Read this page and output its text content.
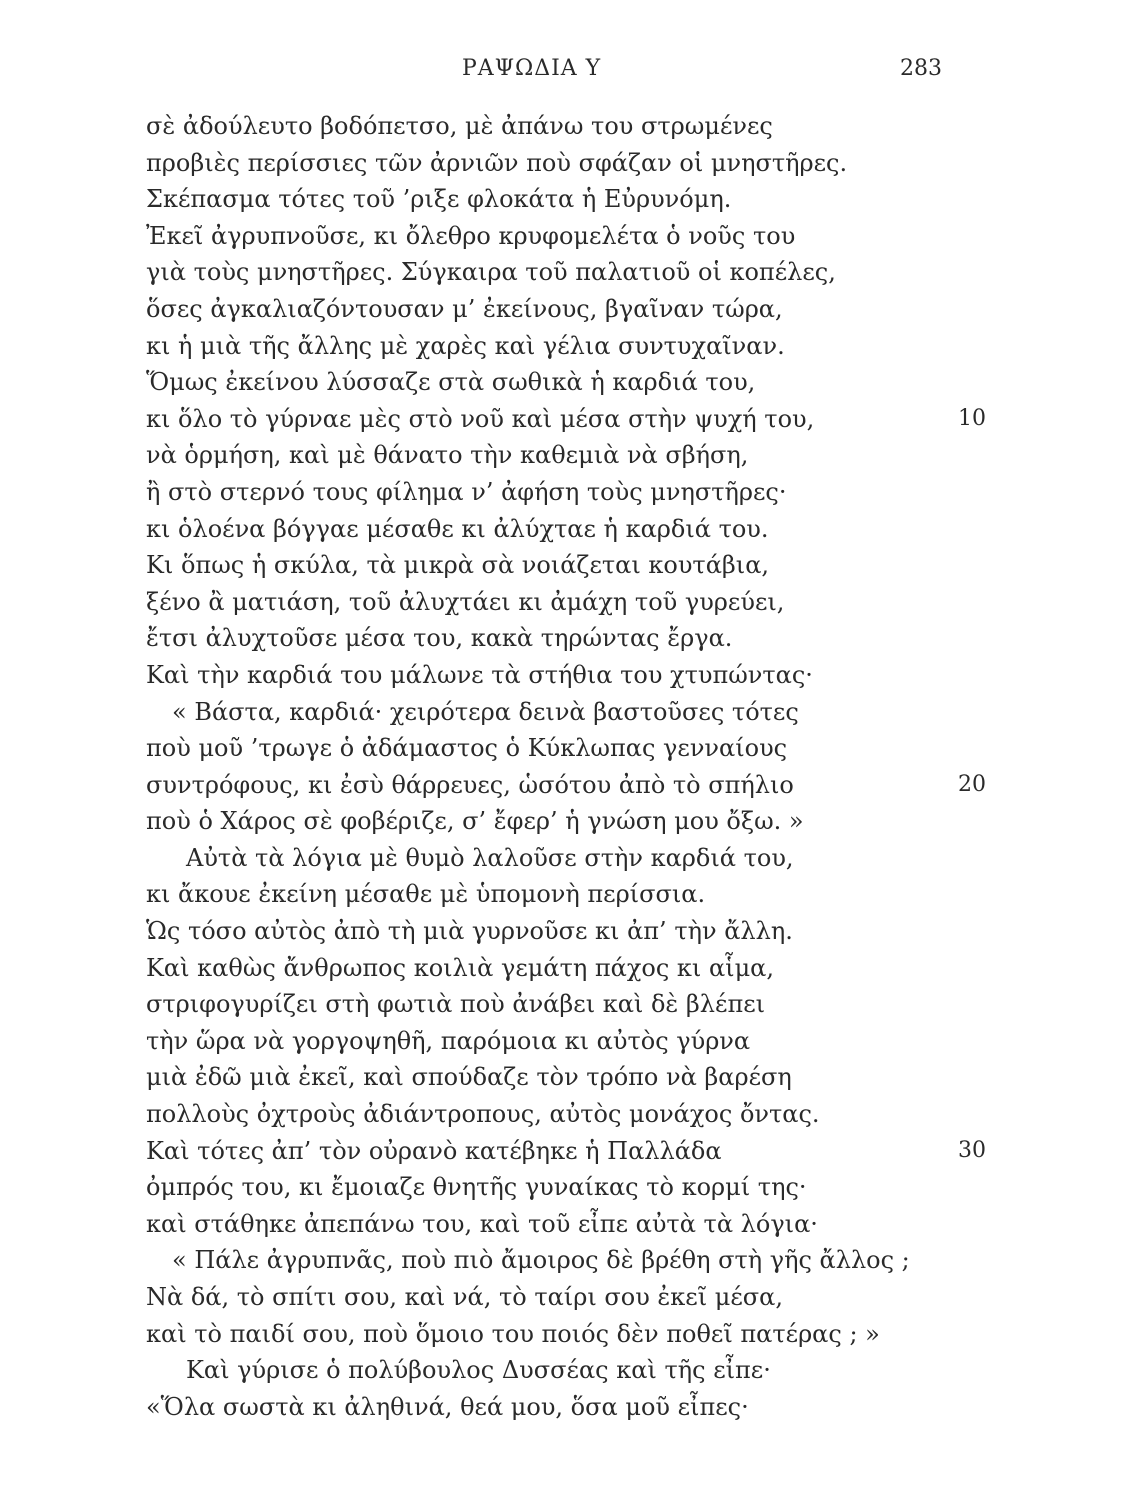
ΡΑΨΩΔΙΑ Υ	283
σὲ ἀδούλευτο βοδόπετσο, μὲ ἀπάνω του στρωμένες
προβιὲς περίσσιες τῶν ἀρνιῶν ποὺ σφάζαν οἱ μνηστῆρες.
Σκέπασμα τότες τοῦ ’ριξε φλοκάτα ἡ Εὐρυνόμη.
Ἐκεῖ ἀγρυπνοῦσε, κι ὄλεθρο κρυφομελέτα ὁ νοῦς του
γιὰ τοὺς μνηστῆρες. Σύγκαιρα τοῦ παλατιοῦ οἱ κοπέλες,
ὅσες ἀγκαλιαζόντουσαν μ’ ἐκείνους, βγαῖναν τώρα,
κι ἡ μιὰ τῆς ἄλλης μὲ χαρὲς καὶ γέλια συντυχαῖναν.
Ὅμως ἐκείνου λύσσαζε στὰ σωθικὰ ἡ καρδιά του,
κι ὅλο τὸ γύρναε μὲς στὸ νοῦ καὶ μέσα στὴν ψυχή του,	10
νὰ ὁρμήση, καὶ μὲ θάνατο τὴν καθεμιὰ νὰ σβήση,
ἢ στὸ στερνό τους φίλημα ν’ ἀφήση τοὺς μνηστῆρες·
κι ὁλοένα βόγγαε μέσαθε κι ἀλύχταε ἡ καρδιά του.
Κι ὅπως ἡ σκύλα, τὰ μικρὰ σὰ νοιάζεται κουτάβια,
ξένο ἂ ματιάση, τοῦ ἀλυχτάει κι ἀμάχη τοῦ γυρεύει,
ἔτσι ἀλυχτοῦσε μέσα του, κακὰ τηρώντας ἔργα.
Καὶ τὴν καρδιά του μάλωνε τὰ στήθια του χτυπώντας·
« Βάστα, καρδιά· χειρότερα δεινὰ βαστοῦσες τότες
ποὺ μοῦ ’τρωγε ὁ ἀδάμαστος ὁ Κύκλωπας γενναίους
συντρόφους, κι ἐσὺ θάρρευες, ὡσότου ἀπὸ τὸ σπήλιο	20
ποὺ ὁ Χάρος σὲ φοβέριζε, σ’ ἔφερ’ ἡ γνώση μου ὄξω. »
Αὐτὰ τὰ λόγια μὲ θυμὸ λαλοῦσε στὴν καρδιά του,
κι ἄκουε ἐκείνη μέσαθε μὲ ὑπομονὴ περίσσια.
Ὡς τόσο αὐτὸς ἀπὸ τὴ μιὰ γυρνοῦσε κι ἀπ’ τὴν ἄλλη.
Καὶ καθὼς ἄνθρωπος κοιλιὰ γεμάτη πάχος κι αἷμα,
στριφογυρίζει στὴ φωτιὰ ποὺ ἀνάβει καὶ δὲ βλέπει
τὴν ὥρα νὰ γοργοψηθῆ, παρόμοια κι αὐτὸς γύρνα
μιὰ ἐδῶ μιὰ ἐκεῖ, καὶ σπούδαζε τὸν τρόπο νὰ βαρέση
πολλοὺς ὀχτροὺς ἀδιάντροπους, αὐτὸς μονάχος ὄντας.
Καὶ τότες ἀπ’ τὸν οὐρανὸ κατέβηκε ἡ Παλλάδα	30
ὀμπρός του, κι ἔμοιαζε θνητῆς γυναίκας τὸ κορμί της·
καὶ στάθηκε ἀπεπάνω του, καὶ τοῦ εἶπε αὐτὰ τὰ λόγια·
« Πάλε ἀγρυπνᾶς, ποὺ πιὸ ἄμοιρος δὲ βρέθη στὴ γῆς ἄλλος ;
Νὰ δά, τὸ σπίτι σου, καὶ νά, τὸ ταίρι σου ἐκεῖ μέσα,
καὶ τὸ παιδί σου, ποὺ ὅμοιο του ποιός δὲν ποθεῖ πατέρας ; »
Καὶ γύρισε ὁ πολύβουλος Δυσσέας καὶ τῆς εἶπε·
«Ὅλα σωστὰ κι ἀληθινά, θεά μου, ὅσα μοῦ εἶπες·
